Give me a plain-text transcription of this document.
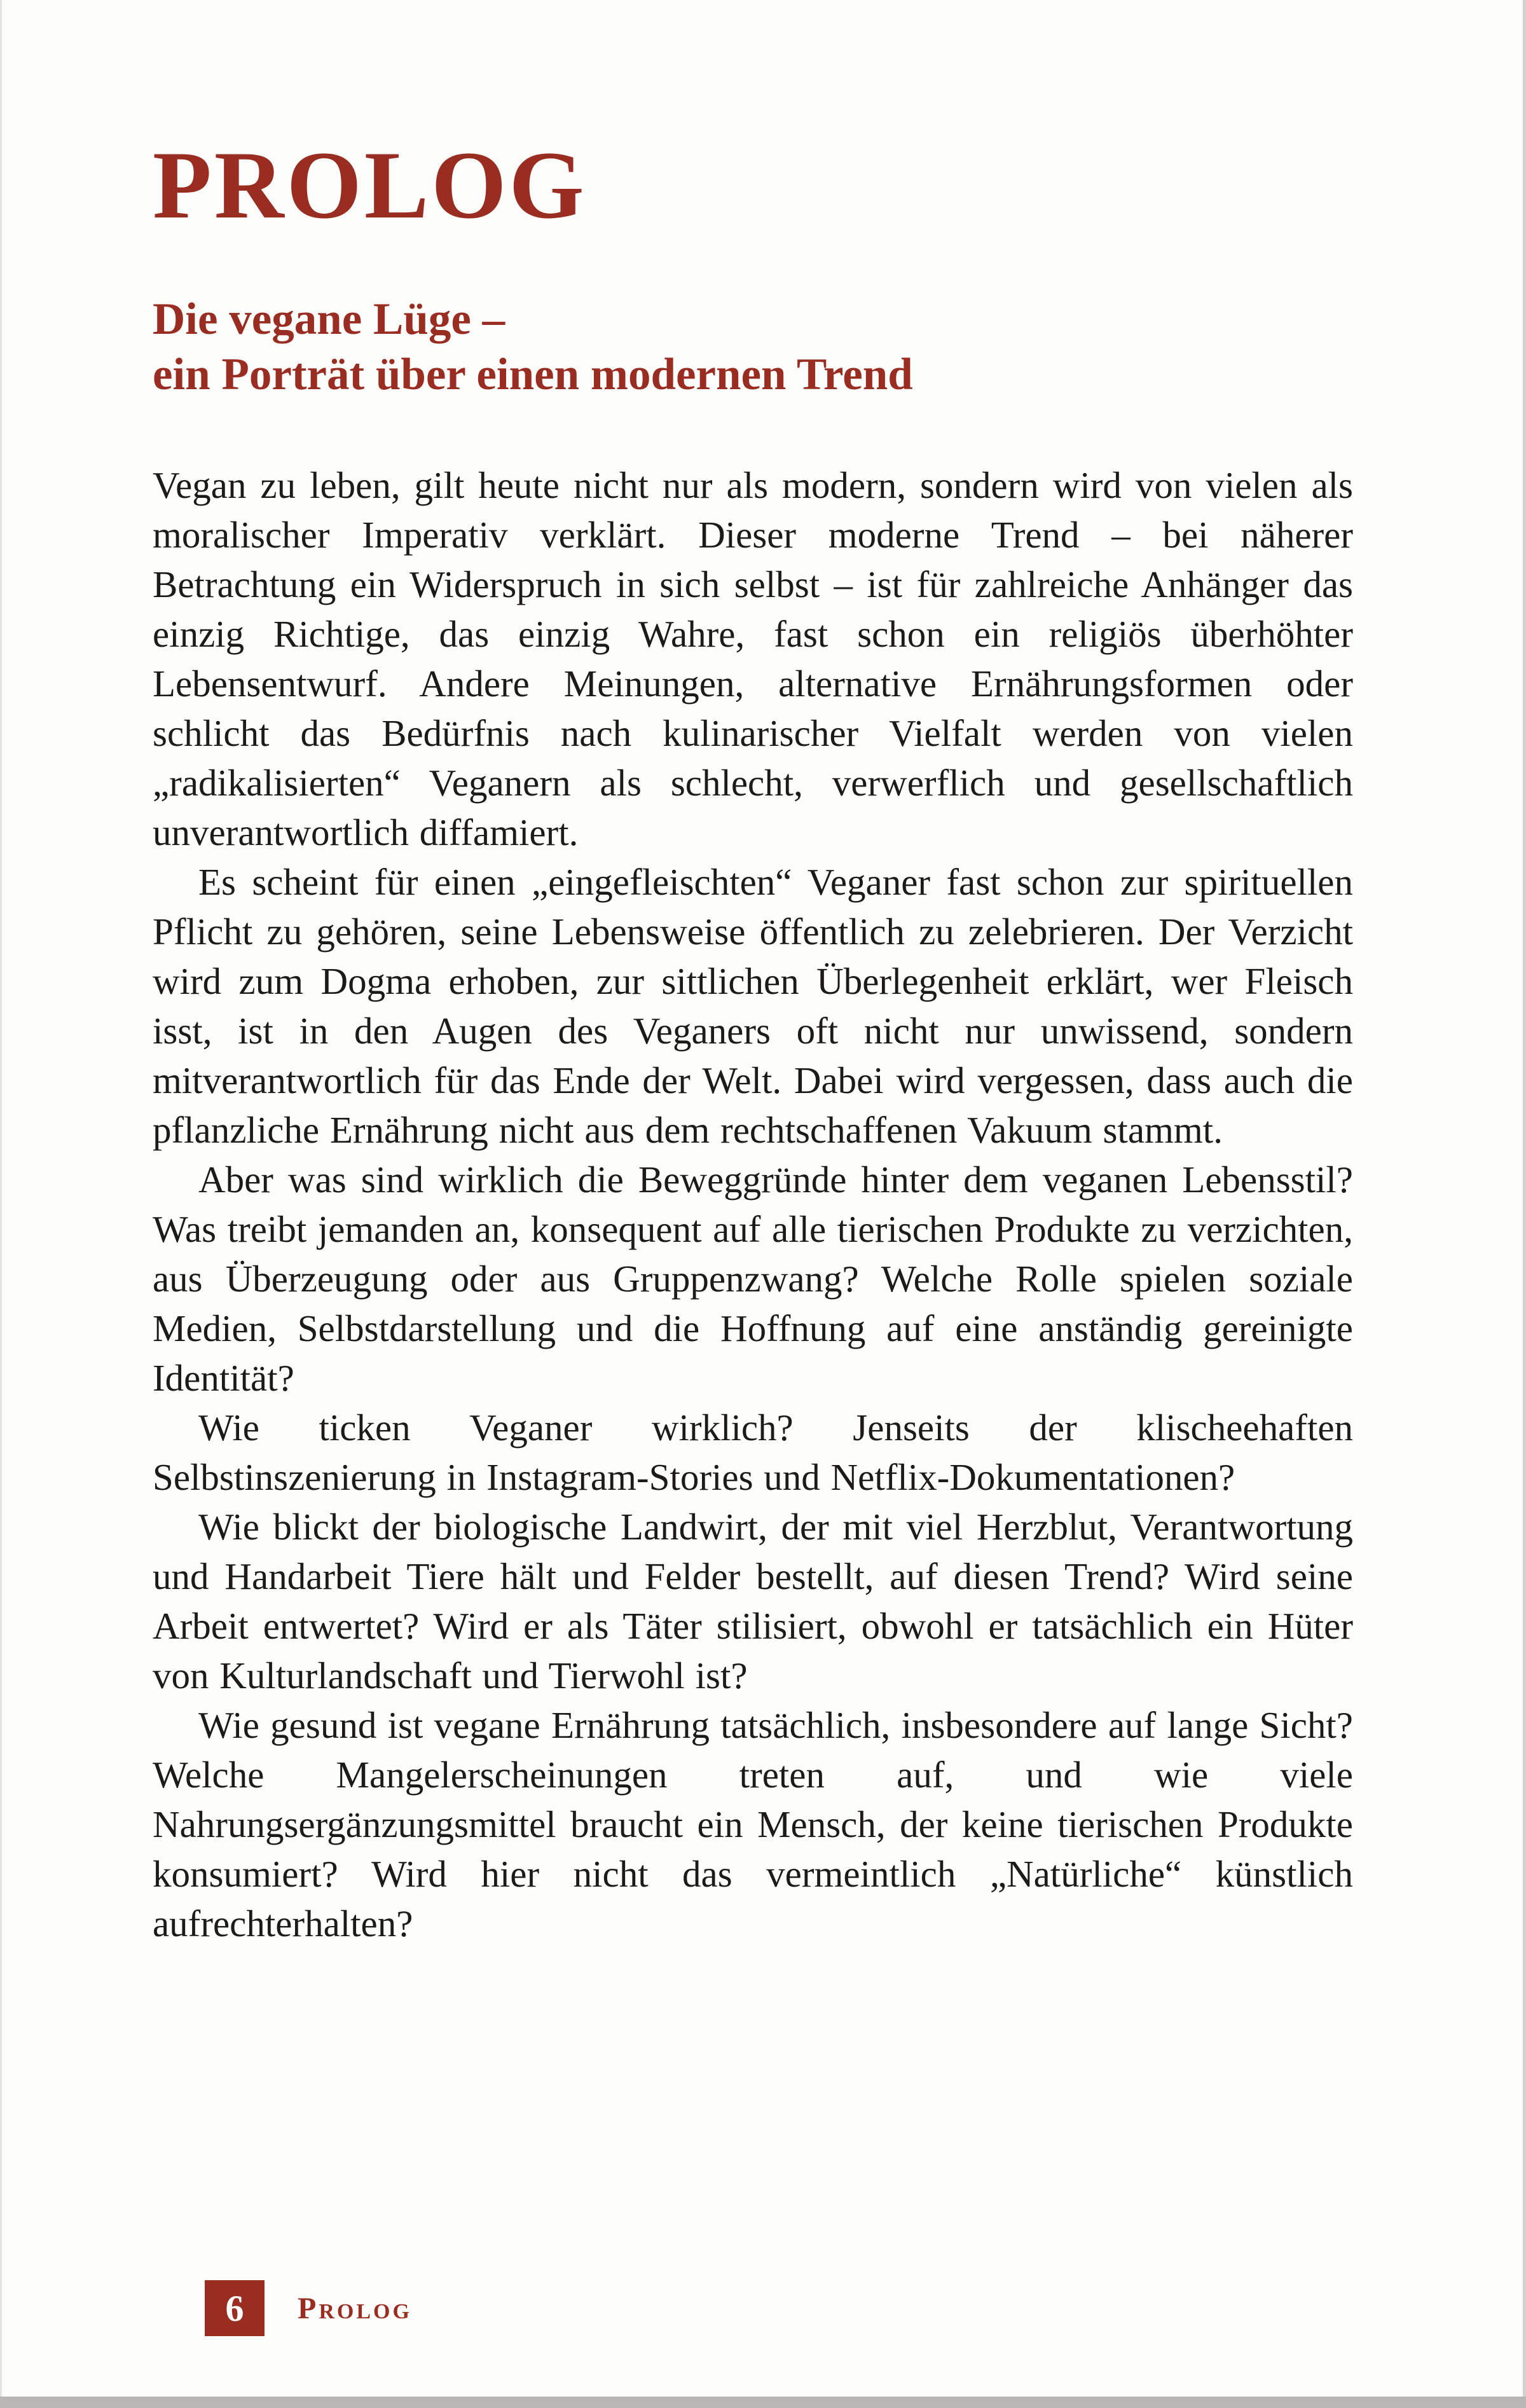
PROLOG
Die vegane Lüge –
ein Porträt über einen modernen Trend

Vegan zu leben, gilt heute nicht nur als modern, sondern wird von vielen als moralischer Imperativ verklärt. Dieser moderne Trend – bei näherer Betrachtung ein Widerspruch in sich selbst – ist für zahlreiche Anhänger das einzig Richtige, das einzig Wahre, fast schon ein religiös überhöhter Lebensentwurf. Andere Meinungen, alternative Ernährungsformen oder schlicht das Bedürfnis nach kulinarischer Vielfalt werden von vielen „radikalisierten“ Veganern als schlecht, verwerflich und gesellschaftlich unverantwortlich diffamiert.

Es scheint für einen „eingefleischten“ Veganer fast schon zur spirituellen Pflicht zu gehören, seine Lebensweise öffentlich zu zelebrieren. Der Verzicht wird zum Dogma erhoben, zur sittlichen Überlegenheit erklärt, wer Fleisch isst, ist in den Augen des Veganers oft nicht nur unwissend, sondern mitverantwortlich für das Ende der Welt. Dabei wird vergessen, dass auch die pflanzliche Ernährung nicht aus dem rechtschaffenen Vakuum stammt.

Aber was sind wirklich die Beweggründe hinter dem veganen Lebensstil? Was treibt jemanden an, konsequent auf alle tierischen Produkte zu verzichten, aus Überzeugung oder aus Gruppenzwang? Welche Rolle spielen soziale Medien, Selbstdarstellung und die Hoffnung auf eine anständig gereinigte Identität?

Wie ticken Veganer wirklich? Jenseits der klischeehaften Selbstinszenierung in Instagram-Stories und Netflix-Dokumentationen?

Wie blickt der biologische Landwirt, der mit viel Herzblut, Verantwortung und Handarbeit Tiere hält und Felder bestellt, auf diesen Trend? Wird seine Arbeit entwertet? Wird er als Täter stilisiert, obwohl er tatsächlich ein Hüter von Kulturlandschaft und Tierwohl ist?

Wie gesund ist vegane Ernährung tatsächlich, insbesondere auf lange Sicht? Welche Mangelerscheinungen treten auf, und wie viele Nahrungsergänzungsmittel braucht ein Mensch, der keine tierischen Produkte konsumiert? Wird hier nicht das vermeintlich „Natürliche“ künstlich aufrechterhalten?

6 Prolog
